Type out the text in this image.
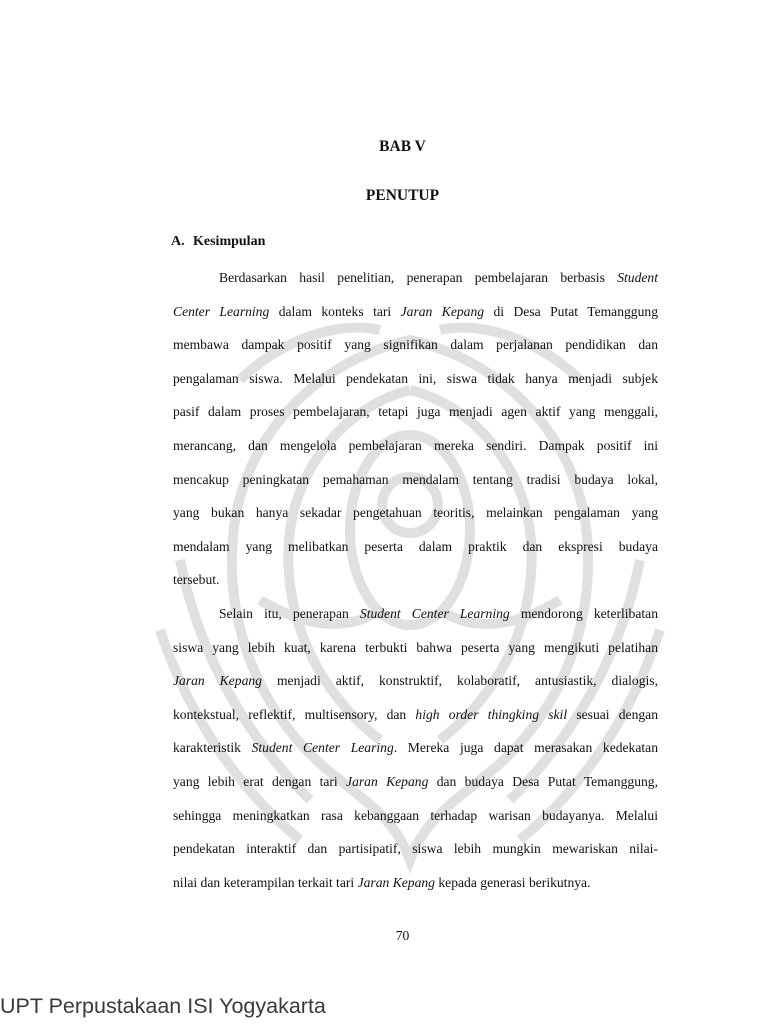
BAB V
PENUTUP
A. Kesimpulan
Berdasarkan hasil penelitian, penerapan pembelajaran berbasis Student
Center Learning dalam konteks tari Jaran Kepang di Desa Putat Temanggung
membawa dampak positif yang signifikan dalam perjalanan pendidikan dan
pengalaman siswa. Melalui pendekatan ini, siswa tidak hanya menjadi subjek
pasif dalam proses pembelajaran, tetapi juga menjadi agen aktif yang menggali,
merancang, dan mengelola pembelajaran mereka sendiri. Dampak positif ini
mencakup peningkatan pemahaman mendalam tentang tradisi budaya lokal,
yang bukan hanya sekadar pengetahuan teoritis, melainkan pengalaman yang
mendalam yang melibatkan peserta dalam praktik dan ekspresi budaya
tersebut.
Selain itu, penerapan Student Center Learning mendorong keterlibatan
siswa yang lebih kuat, karena terbukti bahwa peserta yang mengikuti pelatihan
Jaran Kepang menjadi aktif, konstruktif, kolaboratif, antusiastik, dialogis,
kontekstual, reflektif, multisensory, dan high order thingking skil sesuai dengan
karakteristik Student Center Learing. Mereka juga dapat merasakan kedekatan
yang lebih erat dengan tari Jaran Kepang dan budaya Desa Putat Temanggung,
sehingga meningkatkan rasa kebanggaan terhadap warisan budayanya. Melalui
pendekatan interaktif dan partisipatif, siswa lebih mungkin mewariskan nilai-
nilai dan keterampilan terkait tari Jaran Kepang kepada generasi berikutnya.
70
UPT Perpustakaan ISI Yogyakarta
